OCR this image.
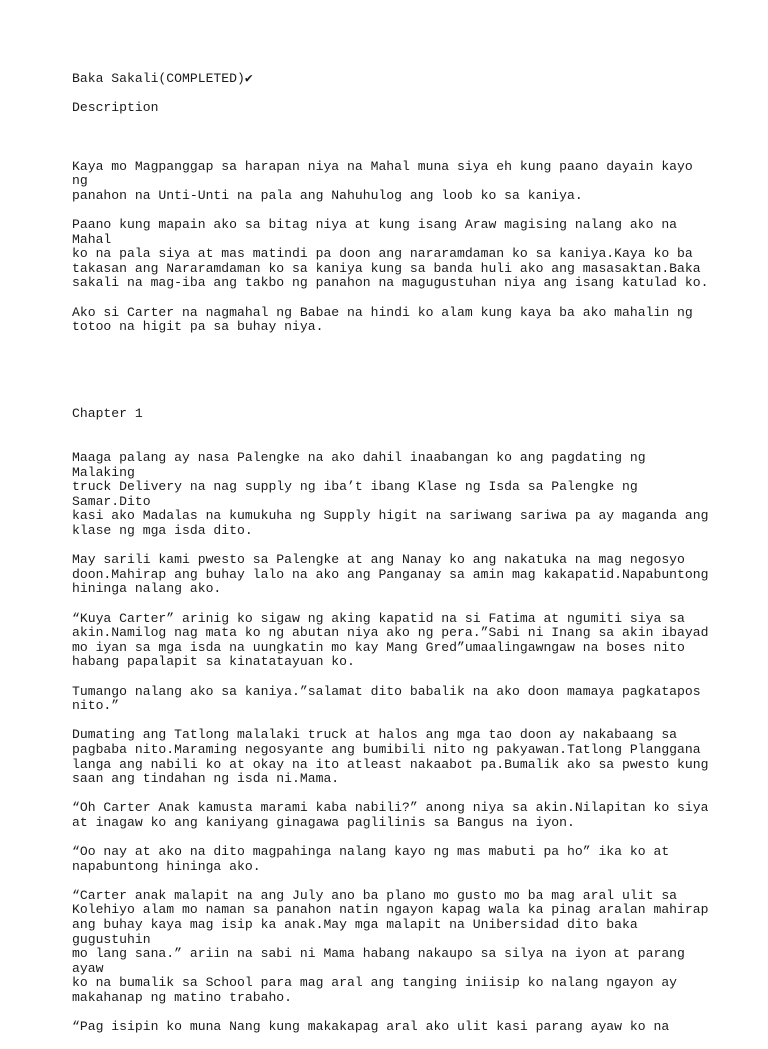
Baka Sakali(COMPLETED)✔

Description

Kaya mo Magpanggap sa harapan niya na Mahal muna siya eh kung paano dayain kayo ng
panahon na Unti-Unti na pala ang Nahuhulog ang loob ko sa kaniya.

Paano kung mapain ako sa bitag niya at kung isang Araw magising nalang ako na Mahal
ko na pala siya at mas matindi pa doon ang nararamdaman ko sa kaniya.Kaya ko ba
takasan ang Nararamdaman ko sa kaniya kung sa banda huli ako ang masasaktan.Baka
sakali na mag-iba ang takbo ng panahon na magugustuhan niya ang isang katulad ko.

Ako si Carter na nagmahal ng Babae na hindi ko alam kung kaya ba ako mahalin ng
totoo na higit pa sa buhay niya.

Chapter 1

Maaga palang ay nasa Palengke na ako dahil inaabangan ko ang pagdating ng Malaking
truck Delivery na nag supply ng iba’t ibang Klase ng Isda sa Palengke ng Samar.Dito
kasi ako Madalas na kumukuha ng Supply higit na sariwang sariwa pa ay maganda ang
klase ng mga isda dito.

May sarili kami pwesto sa Palengke at ang Nanay ko ang nakatuka na mag negosyo
doon.Mahirap ang buhay lalo na ako ang Panganay sa amin mag kakapatid.Napabuntong
hininga nalang ako.

“Kuya Carter” arinig ko sigaw ng aking kapatid na si Fatima at ngumiti siya sa
akin.Namilog nag mata ko ng abutan niya ako ng pera.”Sabi ni Inang sa akin ibayad
mo iyan sa mga isda na uungkatin mo kay Mang Gred”umaalingawngaw na boses nito
habang papalapit sa kinatatayuan ko.

Tumango nalang ako sa kaniya.”salamat dito babalik na ako doon mamaya pagkatapos
nito.”

Dumating ang Tatlong malalaki truck at halos ang mga tao doon ay nakabaang sa
pagbaba nito.Maraming negosyante ang bumibili nito ng pakyawan.Tatlong Planggana
langa ang nabili ko at okay na ito atleast nakaabot pa.Bumalik ako sa pwesto kung
saan ang tindahan ng isda ni.Mama.

“Oh Carter Anak kamusta marami kaba nabili?” anong niya sa akin.Nilapitan ko siya
at inagaw ko ang kaniyang ginagawa paglilinis sa Bangus na iyon.

“Oo nay at ako na dito magpahinga nalang kayo ng mas mabuti pa ho” ika ko at
napabuntong hininga ako.

“Carter anak malapit na ang July ano ba plano mo gusto mo ba mag aral ulit sa
Kolehiyo alam mo naman sa panahon natin ngayon kapag wala ka pinag aralan mahirap
ang buhay kaya mag isip ka anak.May mga malapit na Unibersidad dito baka gugustuhin
mo lang sana.” ariin na sabi ni Mama habang nakaupo sa silya na iyon at parang ayaw
ko na bumalik sa School para mag aral ang tanging iniisip ko nalang ngayon ay
makahanap ng matino trabaho.

“Pag isipin ko muna Nang kung makakapag aral ako ulit kasi parang ayaw ko na
